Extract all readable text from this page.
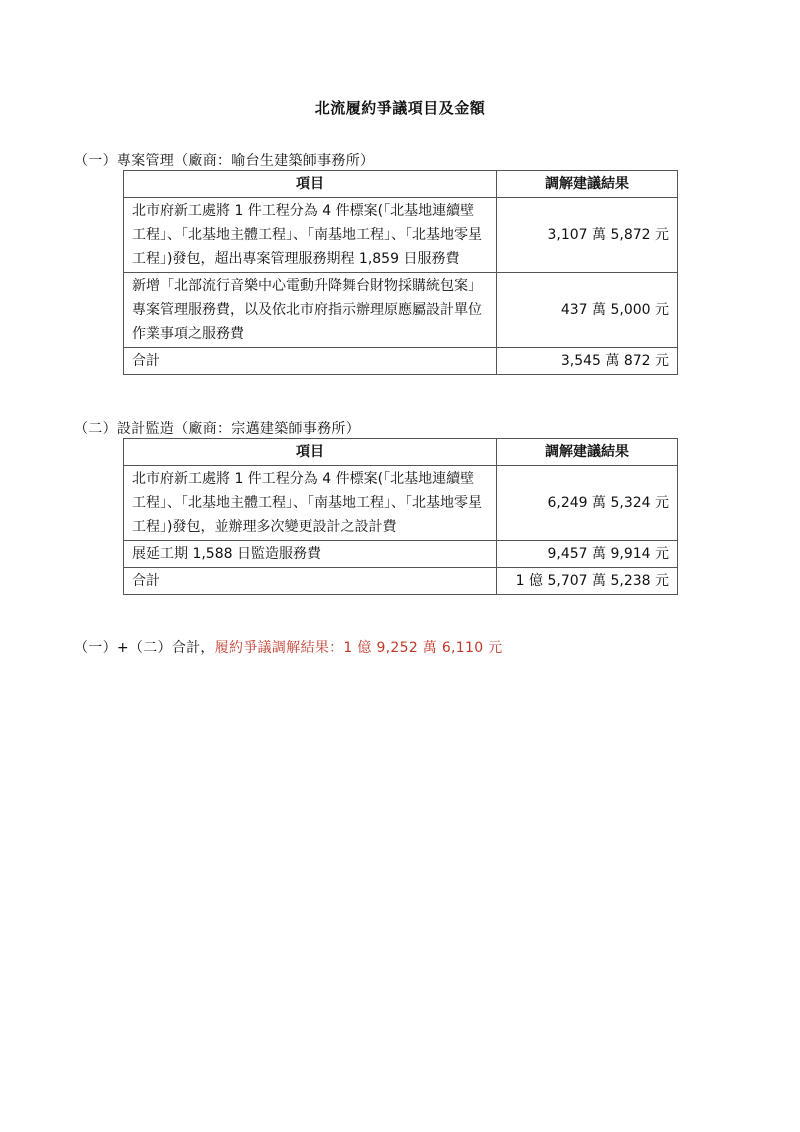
北流履約爭議項目及金額
（一）專案管理（廠商：喻台生建築師事務所）
項目	調解建議結果
北市府新工處將 1 件工程分為 4 件標案(「北基地連續壁工程」、「北基地主體工程」、「南基地工程」、「北基地零星工程」)發包，超出專案管理服務期程 1,859 日服務費	3,107 萬 5,872 元
新增「北部流行音樂中心電動升降舞台財物採購統包案」專案管理服務費，以及依北市府指示辦理原應屬設計單位作業事項之服務費	437 萬 5,000 元
合計	3,545 萬 872 元
（二）設計監造（廠商：宗邁建築師事務所）
項目	調解建議結果
北市府新工處將 1 件工程分為 4 件標案(「北基地連續壁工程」、「北基地主體工程」、「南基地工程」、「北基地零星工程」)發包，並辦理多次變更設計之設計費	6,249 萬 5,324 元
展延工期 1,588 日監造服務費	9,457 萬 9,914 元
合計	1 億 5,707 萬 5,238 元
（一）+（二）合計，履約爭議調解結果：1 億 9,252 萬 6,110 元
